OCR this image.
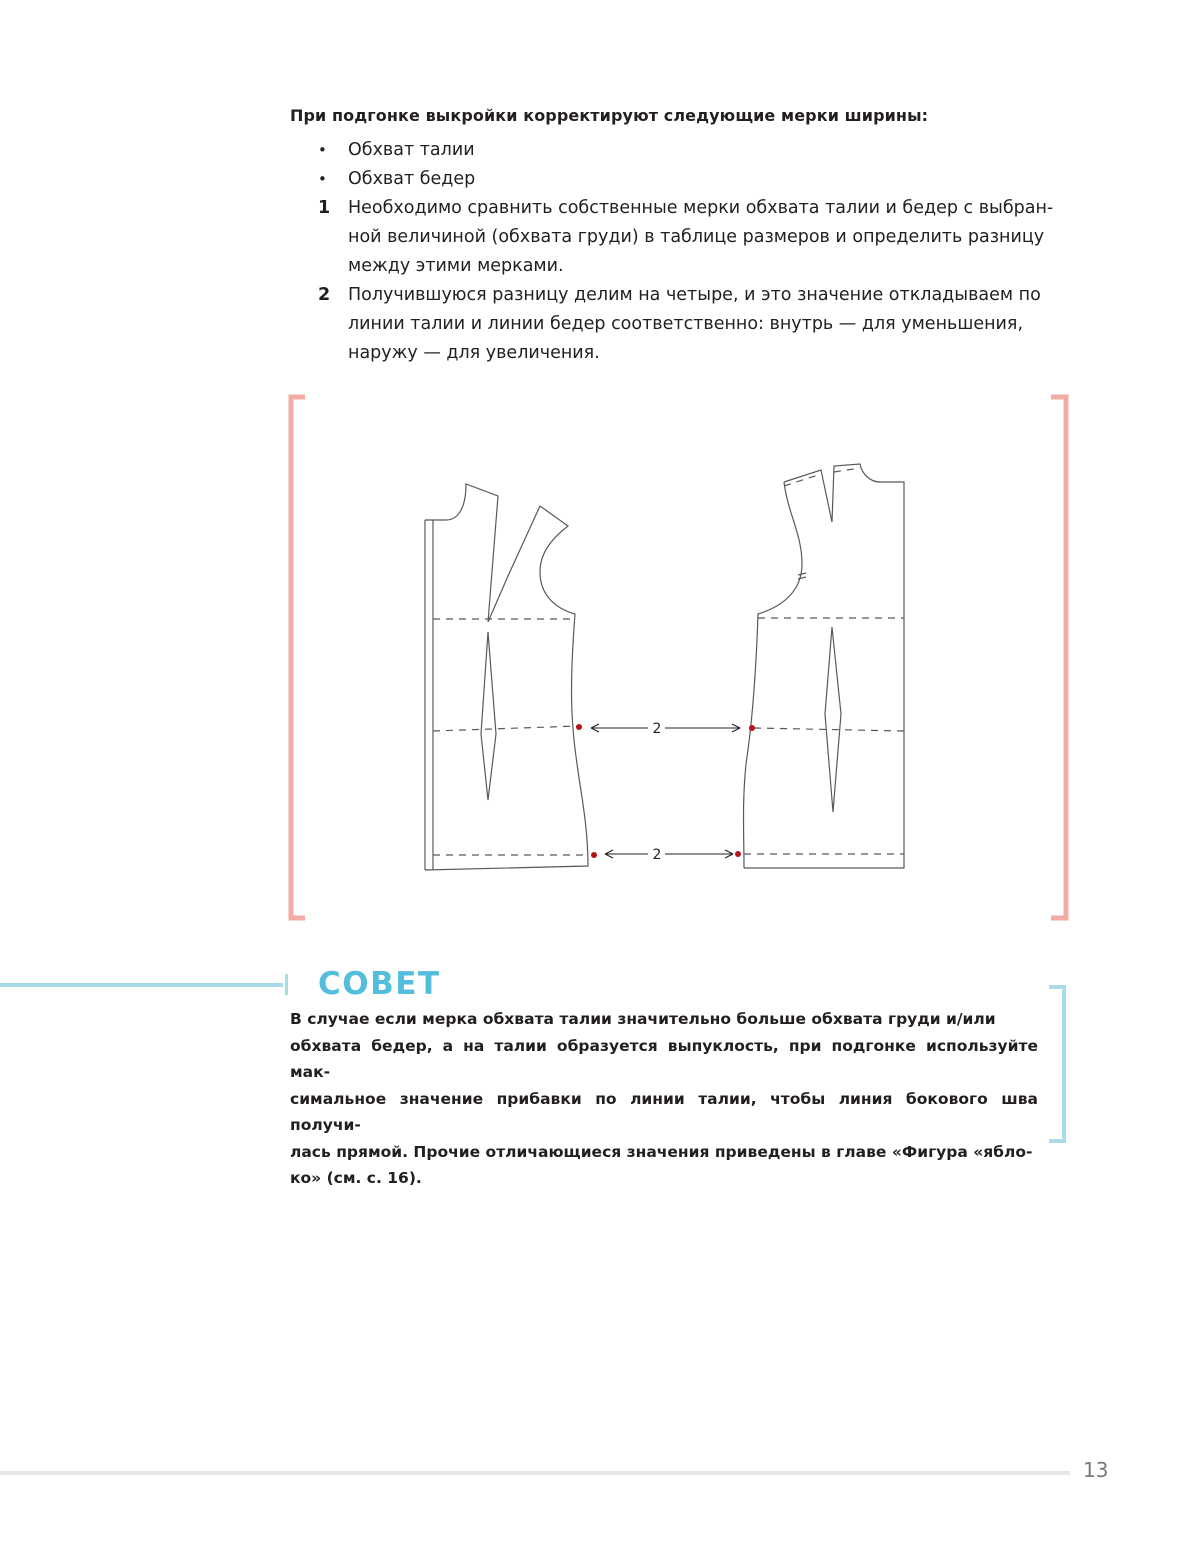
При подгонке выкройки корректируют следующие мерки ширины:
•	Обхват талии
•	Обхват бедер
1	Необходимо сравнить собственные мерки обхвата талии и бедер с выбран-
ной величиной (обхвата груди) в таблице размеров и определить разницу
между этими мерками.
2	Получившуюся разницу делим на четыре, и это значение откладываем по
линии талии и линии бедер соответственно: внутрь — для уменьшения,
наружу — для увеличения.
2
2
СОВЕТ
В случае если мерка обхвата талии значительно больше обхвата груди и/или
обхвата бедер, а на талии образуется выпуклость, при подгонке используйте мак-
симальное значение прибавки по линии талии, чтобы линия бокового шва получи-
лась прямой. Прочие отличающиеся значения приведены в главе «Фигура «ябло-
ко» (см. с. 16).
13
